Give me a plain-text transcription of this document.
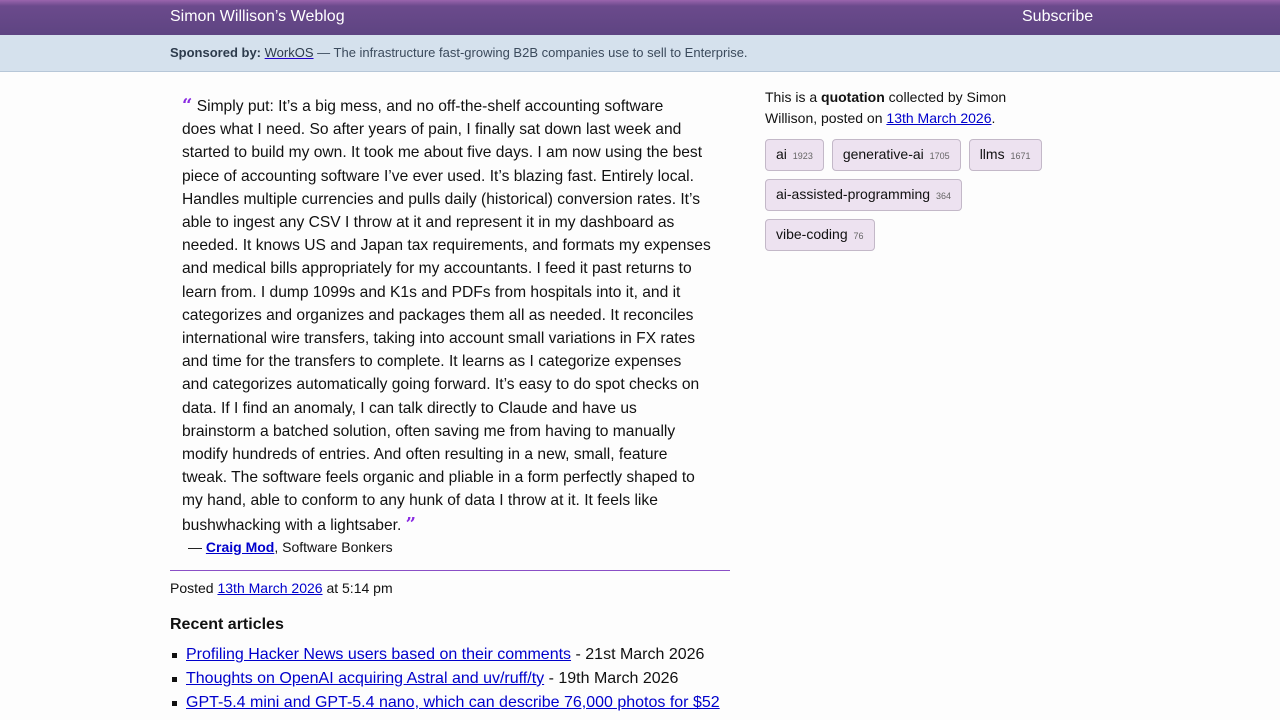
Simon Willison’s Weblog	Subscribe
Sponsored by: WorkOS — The infrastructure fast-growing B2B companies use to sell to Enterprise.
“ Simply put: It’s a big mess, and no off-the-shelf accounting software
does what I need. So after years of pain, I finally sat down last week and
started to build my own. It took me about five days. I am now using the best
piece of accounting software I’ve ever used. It’s blazing fast. Entirely local.
Handles multiple currencies and pulls daily (historical) conversion rates. It’s
able to ingest any CSV I throw at it and represent it in my dashboard as
needed. It knows US and Japan tax requirements, and formats my expenses
and medical bills appropriately for my accountants. I feed it past returns to
learn from. I dump 1099s and K1s and PDFs from hospitals into it, and it
categorizes and organizes and packages them all as needed. It reconciles
international wire transfers, taking into account small variations in FX rates
and time for the transfers to complete. It learns as I categorize expenses
and categorizes automatically going forward. It’s easy to do spot checks on
data. If I find an anomaly, I can talk directly to Claude and have us
brainstorm a batched solution, often saving me from having to manually
modify hundreds of entries. And often resulting in a new, small, feature
tweak. The software feels organic and pliable in a form perfectly shaped to
my hand, able to conform to any hunk of data I throw at it. It feels like
bushwhacking with a lightsaber. ”

— Craig Mod, Software Bonkers

Posted 13th March 2026 at 5:14 pm

Recent articles
Profiling Hacker News users based on their comments - 21st March 2026
Thoughts on OpenAI acquiring Astral and uv/ruff/ty - 19th March 2026
GPT-5.4 mini and GPT-5.4 nano, which can describe 76,000 photos for $52

This is a quotation collected by Simon Willison, posted on 13th March 2026.

ai 1923	generative-ai 1705	llms 1671
ai-assisted-programming 364
vibe-coding 76
